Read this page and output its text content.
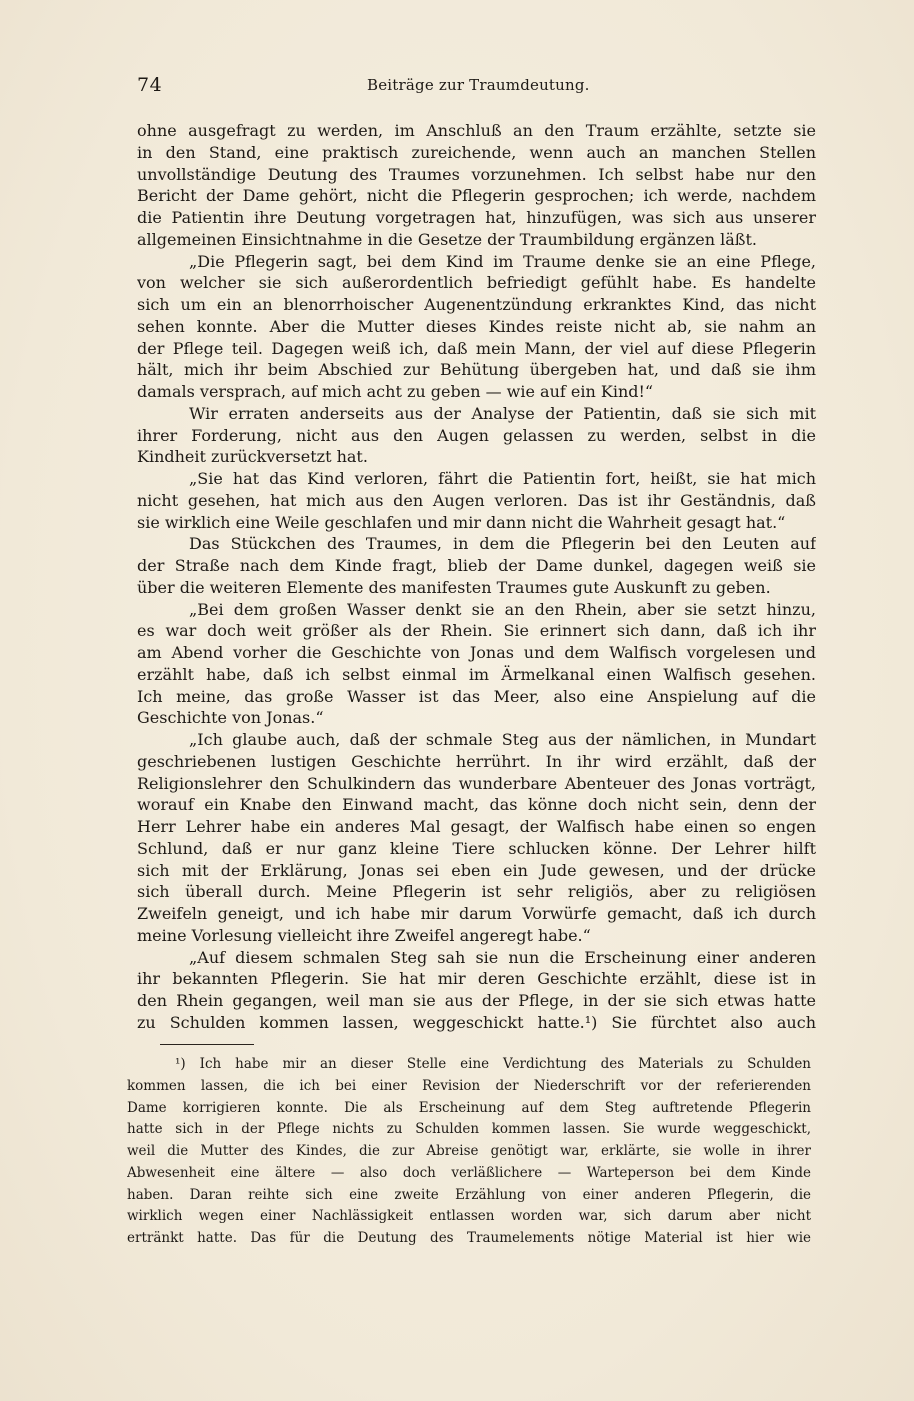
74	Beiträge zur Traumdeutung.
ohne ausgefragt zu werden, im Anschluß an den Traum erzählte, setzte sie
in den Stand, eine praktisch zureichende, wenn auch an manchen Stellen
unvollständige Deutung des Traumes vorzunehmen. Ich selbst habe nur den
Bericht der Dame gehört, nicht die Pflegerin gesprochen; ich werde, nachdem
die Patientin ihre Deutung vorgetragen hat, hinzufügen, was sich aus unserer
allgemeinen Einsichtnahme in die Gesetze der Traumbildung ergänzen läßt.
„Die Pflegerin sagt, bei dem Kind im Traume denke sie an eine Pflege,
von welcher sie sich außerordentlich befriedigt gefühlt habe. Es handelte
sich um ein an blenorrhoischer Augenentzündung erkranktes Kind, das nicht
sehen konnte. Aber die Mutter dieses Kindes reiste nicht ab, sie nahm an
der Pflege teil. Dagegen weiß ich, daß mein Mann, der viel auf diese Pflegerin
hält, mich ihr beim Abschied zur Behütung übergeben hat, und daß sie ihm
damals versprach, auf mich acht zu geben — wie auf ein Kind!“
Wir erraten anderseits aus der Analyse der Patientin, daß sie sich mit
ihrer Forderung, nicht aus den Augen gelassen zu werden, selbst in die
Kindheit zurückversetzt hat.
„Sie hat das Kind verloren, fährt die Patientin fort, heißt, sie hat mich
nicht gesehen, hat mich aus den Augen verloren. Das ist ihr Geständnis, daß
sie wirklich eine Weile geschlafen und mir dann nicht die Wahrheit gesagt hat.“
Das Stückchen des Traumes, in dem die Pflegerin bei den Leuten auf
der Straße nach dem Kinde fragt, blieb der Dame dunkel, dagegen weiß sie
über die weiteren Elemente des manifesten Traumes gute Auskunft zu geben.
„Bei dem großen Wasser denkt sie an den Rhein, aber sie setzt hinzu,
es war doch weit größer als der Rhein. Sie erinnert sich dann, daß ich ihr
am Abend vorher die Geschichte von Jonas und dem Walfisch vorgelesen und
erzählt habe, daß ich selbst einmal im Ärmelkanal einen Walfisch gesehen.
Ich meine, das große Wasser ist das Meer, also eine Anspielung auf die
Geschichte von Jonas.“
„Ich glaube auch, daß der schmale Steg aus der nämlichen, in Mundart
geschriebenen lustigen Geschichte herrührt. In ihr wird erzählt, daß der
Religionslehrer den Schulkindern das wunderbare Abenteuer des Jonas vorträgt,
worauf ein Knabe den Einwand macht, das könne doch nicht sein, denn der
Herr Lehrer habe ein anderes Mal gesagt, der Walfisch habe einen so engen
Schlund, daß er nur ganz kleine Tiere schlucken könne. Der Lehrer hilft
sich mit der Erklärung, Jonas sei eben ein Jude gewesen, und der drücke
sich überall durch. Meine Pflegerin ist sehr religiös, aber zu religiösen
Zweifeln geneigt, und ich habe mir darum Vorwürfe gemacht, daß ich durch
meine Vorlesung vielleicht ihre Zweifel angeregt habe.“
„Auf diesem schmalen Steg sah sie nun die Erscheinung einer anderen
ihr bekannten Pflegerin. Sie hat mir deren Geschichte erzählt, diese ist in
den Rhein gegangen, weil man sie aus der Pflege, in der sie sich etwas hatte
zu Schulden kommen lassen, weggeschickt hatte.¹) Sie fürchtet also auch
¹) Ich habe mir an dieser Stelle eine Verdichtung des Materials zu Schulden
kommen lassen, die ich bei einer Revision der Niederschrift vor der referierenden
Dame korrigieren konnte. Die als Erscheinung auf dem Steg auftretende Pflegerin
hatte sich in der Pflege nichts zu Schulden kommen lassen. Sie wurde weggeschickt,
weil die Mutter des Kindes, die zur Abreise genötigt war, erklärte, sie wolle in ihrer
Abwesenheit eine ältere — also doch verläßlichere — Warteperson bei dem Kinde
haben. Daran reihte sich eine zweite Erzählung von einer anderen Pflegerin, die
wirklich wegen einer Nachlässigkeit entlassen worden war, sich darum aber nicht
ertränkt hatte. Das für die Deutung des Traumelements nötige Material ist hier wie
